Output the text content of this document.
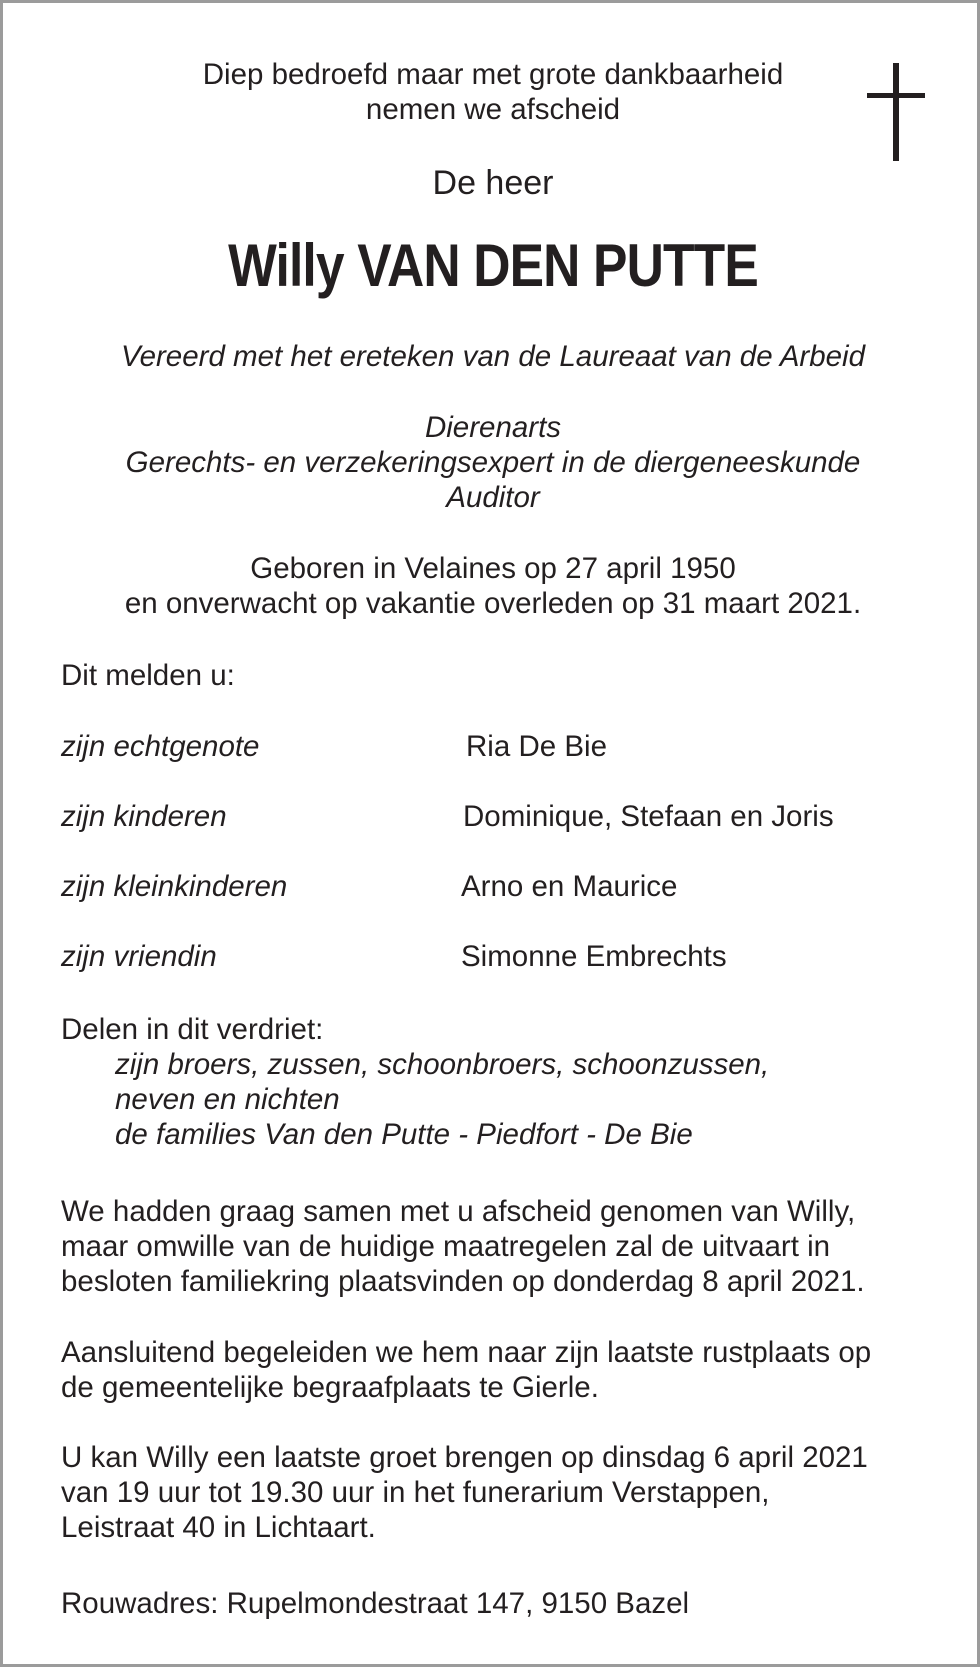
Diep bedroefd maar met grote dankbaarheid
nemen we afscheid
De heer
Willy VAN DEN PUTTE
Vereerd met het ereteken van de Laureaat van de Arbeid
Dierenarts
Gerechts- en verzekeringsexpert in de diergeneeskunde
Auditor
Geboren in Velaines op 27 april 1950
en onverwacht op vakantie overleden op 31 maart 2021.
Dit melden u:
zijn echtgenote	Ria De Bie
zijn kinderen	Dominique, Stefaan en Joris
zijn kleinkinderen	Arno en Maurice
zijn vriendin	Simonne Embrechts
Delen in dit verdriet:
zijn broers, zussen, schoonbroers, schoonzussen,
neven en nichten
de families Van den Putte - Piedfort - De Bie
We hadden graag samen met u afscheid genomen van Willy,
maar omwille van de huidige maatregelen zal de uitvaart in
besloten familiekring plaatsvinden op donderdag 8 april 2021.
Aansluitend begeleiden we hem naar zijn laatste rustplaats op
de gemeentelijke begraafplaats te Gierle.
U kan Willy een laatste groet brengen op dinsdag 6 april 2021
van 19 uur tot 19.30 uur in het funerarium Verstappen,
Leistraat 40 in Lichtaart.
Rouwadres: Rupelmondestraat 147, 9150 Bazel
